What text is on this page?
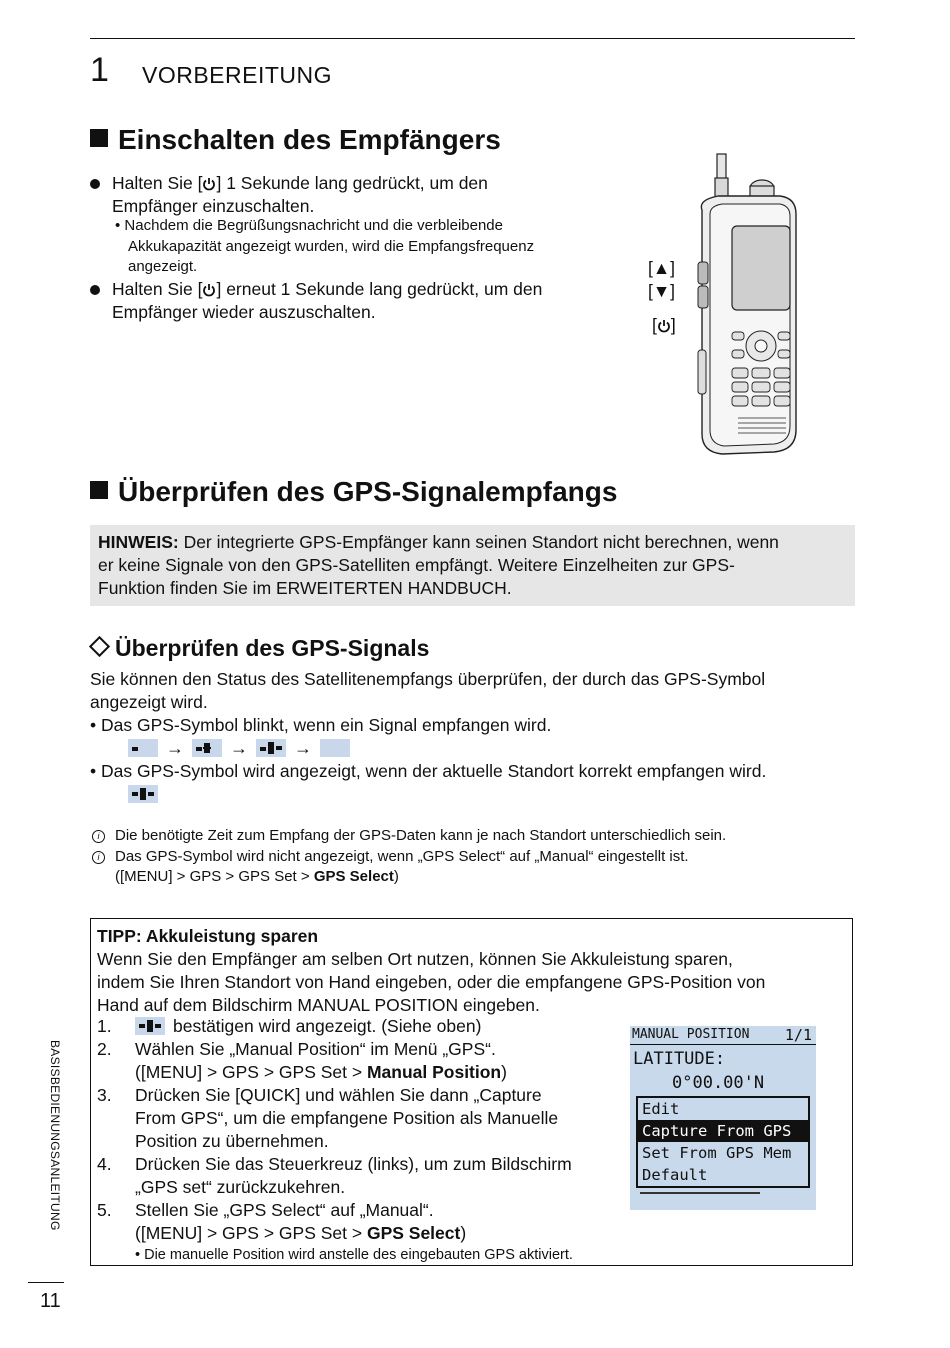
1 VORBEREITUNG
Einschalten des Empfängers
Halten Sie [ ] 1 Sekunde lang gedrückt, um den
Empfänger einzuschalten.
• Nachdem die Begrüßungsnachricht und die verbleibende
Akkukapazität angezeigt wurden, wird die Empfangsfrequenz
angezeigt.
Halten Sie [ ] erneut 1 Sekunde lang gedrückt, um den
Empfänger wieder auszuschalten.
[▲]
[▼]
[ ]
Überprüfen des GPS-Signalempfangs
HINWEIS: Der integrierte GPS-Empfänger kann seinen Standort nicht berechnen, wenn
er keine Signale von den GPS-Satelliten empfängt. Weitere Einzelheiten zur GPS-
Funktion finden Sie im ERWEITERTEN HANDBUCH.
Überprüfen des GPS-Signals
Sie können den Status des Satellitenempfangs überprüfen, der durch das GPS-Symbol
angezeigt wird.
• Das GPS-Symbol blinkt, wenn ein Signal empfangen wird.
→	→	→
• Das GPS-Symbol wird angezeigt, wenn der aktuelle Standort korrekt empfangen wird.
i Die benötigte Zeit zum Empfang der GPS-Daten kann je nach Standort unterschiedlich sein.
i Das GPS-Symbol wird nicht angezeigt, wenn „GPS Select“ auf „Manual“ eingestellt ist.
([MENU] > GPS > GPS Set > GPS Select)
TIPP: Akkuleistung sparen
Wenn Sie den Empfänger am selben Ort nutzen, können Sie Akkuleistung sparen,
indem Sie Ihren Standort von Hand eingeben, oder die empfangene GPS-Position von
Hand auf dem Bildschirm MANUAL POSITION eingeben.
1.	bestätigen wird angezeigt. (Siehe oben)
2.	Wählen Sie „Manual Position“ im Menü „GPS“.
([MENU] > GPS > GPS Set > Manual Position)
3.	Drücken Sie [QUICK] und wählen Sie dann „Capture
From GPS“, um die empfangene Position als Manuelle
Position zu übernehmen.
4.	Drücken Sie das Steuerkreuz (links), um zum Bildschirm
„GPS set“ zurückzukehren.
5.	Stellen Sie „GPS Select“ auf „Manual“.
([MENU] > GPS > GPS Set > GPS Select)
• Die manuelle Position wird anstelle des eingebauten GPS aktiviert.
MANUAL POSITION 1/1
LATITUDE:
0°00.00'N
Edit
Capture From GPS
Set From GPS Mem
Default
BASISBEDIENUNGSANLEITUNG
11
